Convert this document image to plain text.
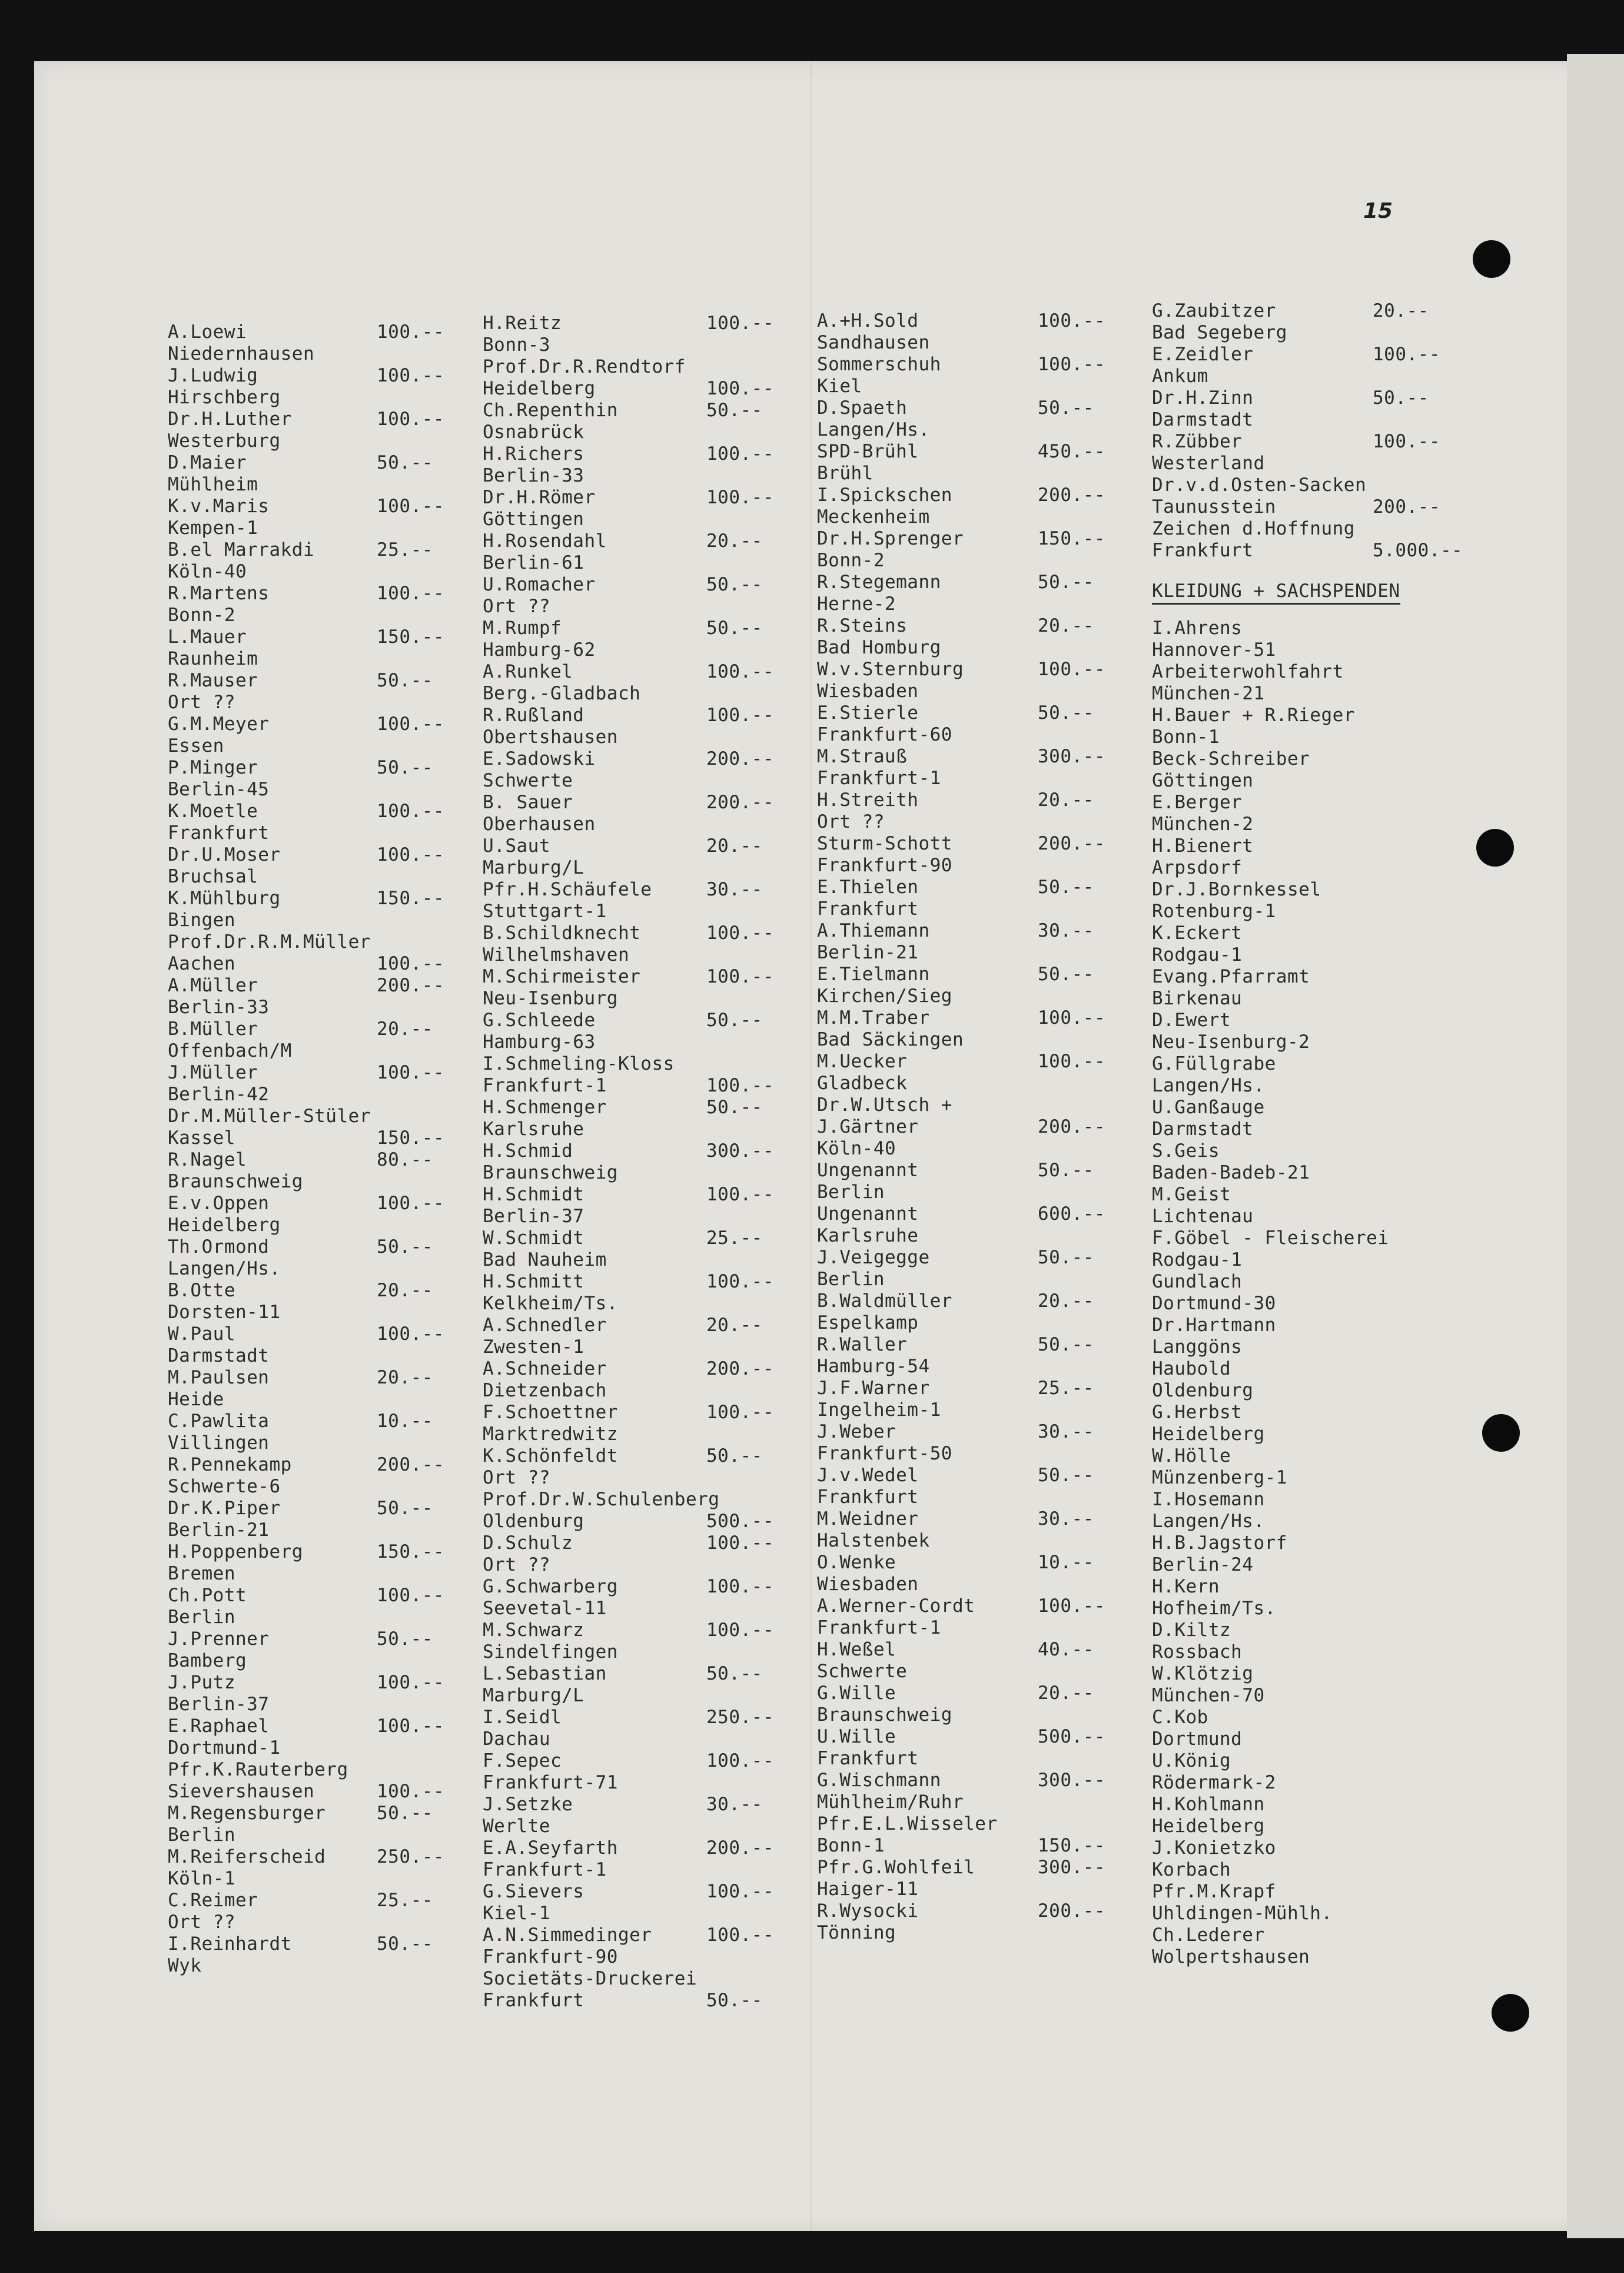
15
A.Loewi	100.--
Niedernhausen
J.Ludwig	100.--
Hirschberg
Dr.H.Luther	100.--
Westerburg
D.Maier	50.--
Mühlheim
K.v.Maris	100.--
Kempen-1
B.el Marrakdi	25.--
Köln-40
R.Martens	100.--
Bonn-2
L.Mauer	150.--
Raunheim
R.Mauser	50.--
Ort ??
G.M.Meyer	100.--
Essen
P.Minger	50.--
Berlin-45
K.Moetle	100.--
Frankfurt
Dr.U.Moser	100.--
Bruchsal
K.Mühlburg	150.--
Bingen
Prof.Dr.R.M.Müller
Aachen	100.--
A.Müller	200.--
Berlin-33
B.Müller	20.--
Offenbach/M
J.Müller	100.--
Berlin-42
Dr.M.Müller-Stüler
Kassel	150.--
R.Nagel	80.--
Braunschweig
E.v.Oppen	100.--
Heidelberg
Th.Ormond	50.--
Langen/Hs.
B.Otte	20.--
Dorsten-11
W.Paul	100.--
Darmstadt
M.Paulsen	20.--
Heide
C.Pawlita	10.--
Villingen
R.Pennekamp	200.--
Schwerte-6
Dr.K.Piper	50.--
Berlin-21
H.Poppenberg	150.--
Bremen
Ch.Pott	100.--
Berlin
J.Prenner	50.--
Bamberg
J.Putz	100.--
Berlin-37
E.Raphael	100.--
Dortmund-1
Pfr.K.Rauterberg
Sievershausen	100.--
M.Regensburger	50.--
Berlin
M.Reiferscheid	250.--
Köln-1
C.Reimer	25.--
Ort ??
I.Reinhardt	50.--
Wyk
H.Reitz	100.--
Bonn-3
Prof.Dr.R.Rendtorf
Heidelberg	100.--
Ch.Repenthin	50.--
Osnabrück
H.Richers	100.--
Berlin-33
Dr.H.Römer	100.--
Göttingen
H.Rosendahl	20.--
Berlin-61
U.Romacher	50.--
Ort ??
M.Rumpf	50.--
Hamburg-62
A.Runkel	100.--
Berg.-Gladbach
R.Rußland	100.--
Obertshausen
E.Sadowski	200.--
Schwerte
B. Sauer	200.--
Oberhausen
U.Saut	20.--
Marburg/L
Pfr.H.Schäufele	30.--
Stuttgart-1
B.Schildknecht	100.--
Wilhelmshaven
M.Schirmeister	100.--
Neu-Isenburg
G.Schleede	50.--
Hamburg-63
I.Schmeling-Kloss
Frankfurt-1	100.--
H.Schmenger	50.--
Karlsruhe
H.Schmid	300.--
Braunschweig
H.Schmidt	100.--
Berlin-37
W.Schmidt	25.--
Bad Nauheim
H.Schmitt	100.--
Kelkheim/Ts.
A.Schnedler	20.--
Zwesten-1
A.Schneider	200.--
Dietzenbach
F.Schoettner	100.--
Marktredwitz
K.Schönfeldt	50.--
Ort ??
Prof.Dr.W.Schulenberg
Oldenburg	500.--
D.Schulz	100.--
Ort ??
G.Schwarberg	100.--
Seevetal-11
M.Schwarz	100.--
Sindelfingen
L.Sebastian	50.--
Marburg/L
I.Seidl	250.--
Dachau
F.Sepec	100.--
Frankfurt-71
J.Setzke	30.--
Werlte
E.A.Seyfarth	200.--
Frankfurt-1
G.Sievers	100.--
Kiel-1
A.N.Simmedinger	100.--
Frankfurt-90
Societäts-Druckerei
Frankfurt	50.--
A.+H.Sold	100.--
Sandhausen
Sommerschuh	100.--
Kiel
D.Spaeth	50.--
Langen/Hs.
SPD-Brühl	450.--
Brühl
I.Spickschen	200.--
Meckenheim
Dr.H.Sprenger	150.--
Bonn-2
R.Stegemann	50.--
Herne-2
R.Steins	20.--
Bad Homburg
W.v.Sternburg	100.--
Wiesbaden
E.Stierle	50.--
Frankfurt-60
M.Strauß	300.--
Frankfurt-1
H.Streith	20.--
Ort ??
Sturm-Schott	200.--
Frankfurt-90
E.Thielen	50.--
Frankfurt
A.Thiemann	30.--
Berlin-21
E.Tielmann	50.--
Kirchen/Sieg
M.M.Traber	100.--
Bad Säckingen
M.Uecker	100.--
Gladbeck
Dr.W.Utsch +
J.Gärtner	200.--
Köln-40
Ungenannt	50.--
Berlin
Ungenannt	600.--
Karlsruhe
J.Veigegge	50.--
Berlin
B.Waldmüller	20.--
Espelkamp
R.Waller	50.--
Hamburg-54
J.F.Warner	25.--
Ingelheim-1
J.Weber	30.--
Frankfurt-50
J.v.Wedel	50.--
Frankfurt
M.Weidner	30.--
Halstenbek
O.Wenke	10.--
Wiesbaden
A.Werner-Cordt	100.--
Frankfurt-1
H.Weßel	40.--
Schwerte
G.Wille	20.--
Braunschweig
U.Wille	500.--
Frankfurt
G.Wischmann	300.--
Mühlheim/Ruhr
Pfr.E.L.Wisseler
Bonn-1	150.--
Pfr.G.Wohlfeil	300.--
Haiger-11
R.Wysocki	200.--
Tönning
G.Zaubitzer	20.--
Bad Segeberg
E.Zeidler	100.--
Ankum
Dr.H.Zinn	50.--
Darmstadt
R.Zübber	100.--
Westerland
Dr.v.d.Osten-Sacken
Taunusstein	200.--
Zeichen d.Hoffnung
Frankfurt	5.000.--
KLEIDUNG + SACHSPENDEN
I.Ahrens
Hannover-51
Arbeiterwohlfahrt
München-21
H.Bauer + R.Rieger
Bonn-1
Beck-Schreiber
Göttingen
E.Berger
München-2
H.Bienert
Arpsdorf
Dr.J.Bornkessel
Rotenburg-1
K.Eckert
Rodgau-1
Evang.Pfarramt
Birkenau
D.Ewert
Neu-Isenburg-2
G.Füllgrabe
Langen/Hs.
U.Ganßauge
Darmstadt
S.Geis
Baden-Badeb-21
M.Geist
Lichtenau
F.Göbel - Fleischerei
Rodgau-1
Gundlach
Dortmund-30
Dr.Hartmann
Langgöns
Haubold
Oldenburg
G.Herbst
Heidelberg
W.Hölle
Münzenberg-1
I.Hosemann
Langen/Hs.
H.B.Jagstorf
Berlin-24
H.Kern
Hofheim/Ts.
D.Kiltz
Rossbach
W.Klötzig
München-70
C.Kob
Dortmund
U.König
Rödermark-2
H.Kohlmann
Heidelberg
J.Konietzko
Korbach
Pfr.M.Krapf
Uhldingen-Mühlh.
Ch.Lederer
Wolpertshausen
